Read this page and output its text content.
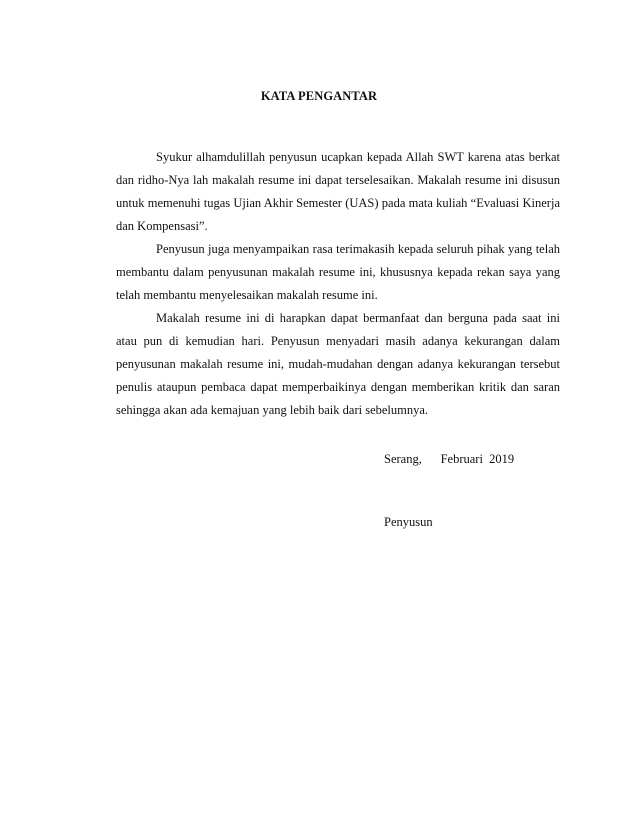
KATA PENGANTAR

Syukur alhamdulillah penyusun ucapkan kepada Allah SWT karena atas berkat dan ridho-Nya lah makalah resume ini dapat terselesaikan. Makalah resume ini disusun untuk memenuhi tugas Ujian Akhir Semester (UAS) pada mata kuliah “Evaluasi Kinerja dan Kompensasi”.

Penyusun juga menyampaikan rasa terimakasih kepada seluruh pihak yang telah membantu dalam penyusunan makalah resume ini, khususnya kepada rekan saya yang telah membantu menyelesaikan makalah resume ini.

Makalah resume ini di harapkan dapat bermanfaat dan berguna pada saat ini atau pun di kemudian hari. Penyusun menyadari masih adanya kekurangan dalam penyusunan makalah resume ini, mudah-mudahan dengan adanya kekurangan tersebut penulis ataupun pembaca dapat memperbaikinya dengan memberikan kritik dan saran sehingga akan ada kemajuan yang lebih baik dari sebelumnya.

Serang,      Februari  2019
Penyusun
